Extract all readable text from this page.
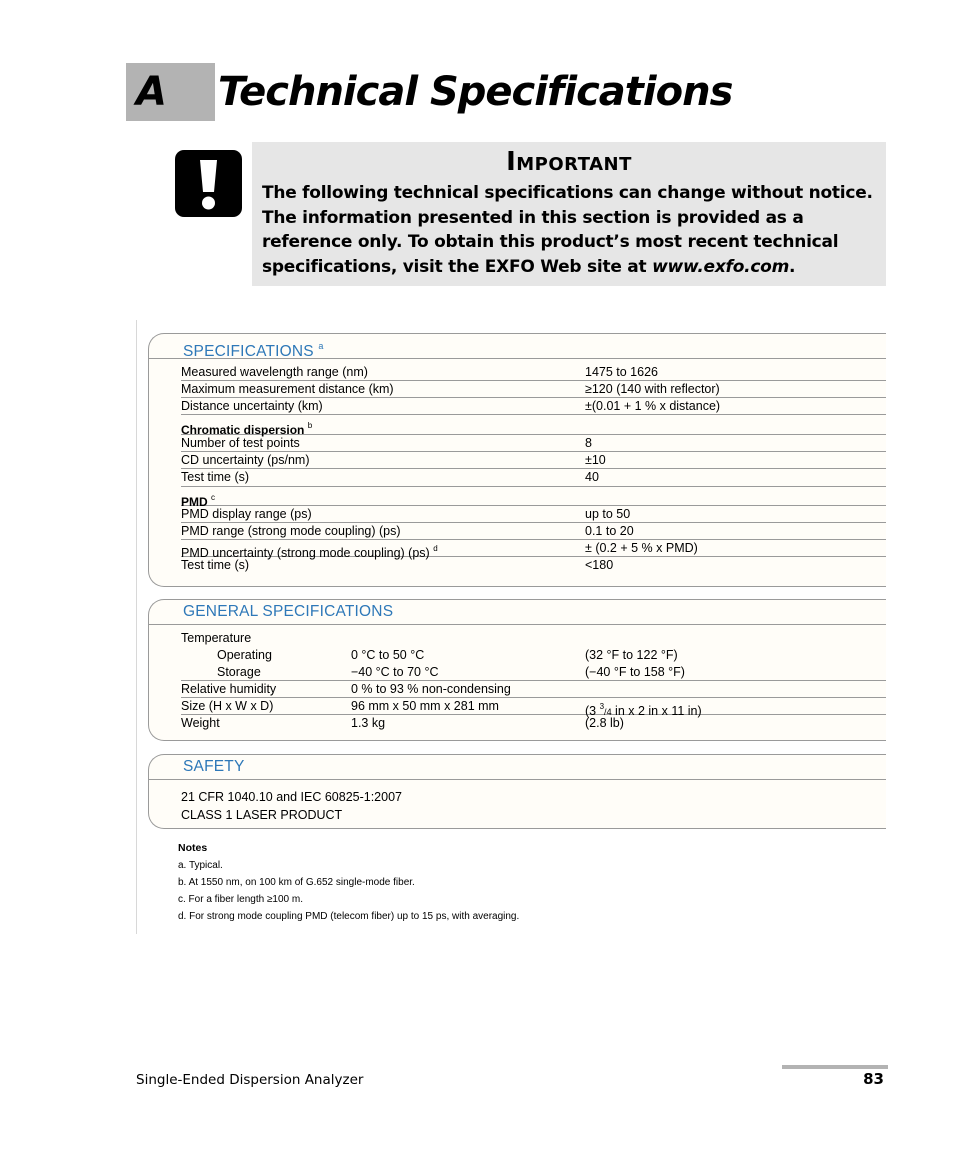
A	Technical Specifications
Important
The following technical specifications can change without notice. The information presented in this section is provided as a reference only. To obtain this product’s most recent technical specifications, visit the EXFO Web site at www.exfo.com.
SPECIFICATIONS $^a$
Measured wavelength range (nm)	1475 to 1626
Maximum measurement distance (km)	≥120 (140 with reflector)
Distance uncertainty (km)	±(0.01 + 1 % x distance)
Chromatic dispersion $^b$
Number of test points	8
CD uncertainty (ps/nm)	±10
Test time (s)	40
PMD $^c$
PMD display range (ps)	up to 50
PMD range (strong mode coupling) (ps)	0.1 to 20
PMD uncertainty (strong mode coupling) (ps) $^d$	± (0.2 + 5 % x PMD)
Test time (s)	<180
GENERAL SPECIFICATIONS
Temperature
Operating	0 °C to 50 °C	(32 °F to 122 °F)
Storage	−40 °C to 70 °C	(−40 °F to 158 °F)
Relative humidity	0 % to 93 % non-condensing
Size (H x W x D)	96 mm x 50 mm x 281 mm	(3 $^3$/4 in x 2 in x 11 in)
Weight	1.3 kg	(2.8 lb)
SAFETY
21 CFR 1040.10 and IEC 60825-1:2007
CLASS 1 LASER PRODUCT
Notes
a. Typical.
b. At 1550 nm, on 100 km of G.652 single-mode fiber.
c. For a fiber length ≥100 m.
d. For strong mode coupling PMD (telecom fiber) up to 15 ps, with averaging.
Single-Ended Dispersion Analyzer	83
